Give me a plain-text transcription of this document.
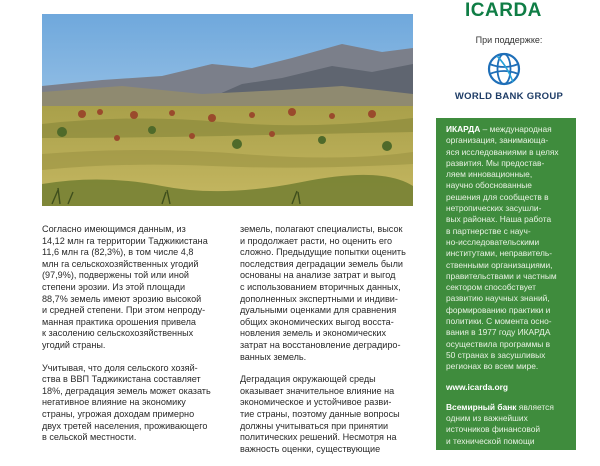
Согласно имеющимся данным, из
14,12 млн га территории Таджикистана
11,6 млн га (82,3%), в том числе 4,8
млн га сельскохозяйственных угодий
(97,9%), подвержены той или иной
степени эрозии. Из этой площади
88,7% земель имеют эрозию высокой
и средней степени. При этом непроду-
манная практика орошения привела
к засолению сельскохозяйственных
угодий страны.

Учитывая, что доля сельского хозяй-
ства в ВВП Таджикистана составляет
18%, деградация земель может оказать
негативное влияние на экономику
страны, угрожая доходам примерно
двух третей населения, проживающего
в сельской местности.

земель, полагают специалисты, высок
и продолжает расти, но оценить его
сложно. Предыдущие попытки оценить
последствия деградации земель были
основаны на анализе затрат и выгод
с использованием вторичных данных,
дополненных экспертными и индиви-
дуальными оценками для сравнения
общих экономических выгод восста-
новления земель и экономических
затрат на восстановление деградиро-
ванных земель.

Деградация окружающей среды
оказывает значительное влияние на
экономическое и устойчивое разви-
тие страны, поэтому данные вопросы
должны учитываться при принятии
политических решений. Несмотря на
важность оценки, существующие

ICARDA
При поддержке:
WORLD BANK GROUP

ИКАРДА – международная
организация, занимающа-
яся исследованиями в целях
развития. Мы предостав-
ляем инновационные,
научно обоснованные
решения для сообществ в
нетропических засушли-
вых районах. Наша работа
в партнерстве с науч-
но-исследовательскими
институтами, неправитель-
ственными организациями,
правительствами и частным
сектором способствует
развитию научных знаний,
формированию практики и
политики. С момента осно-
вания в 1977 году ИКАРДА
осуществила программы в
50 странах в засушливых
регионах во всем мире.

www.icarda.org

Всемирный банк является
одним из важнейших
источников финансовой
и технической помощи
